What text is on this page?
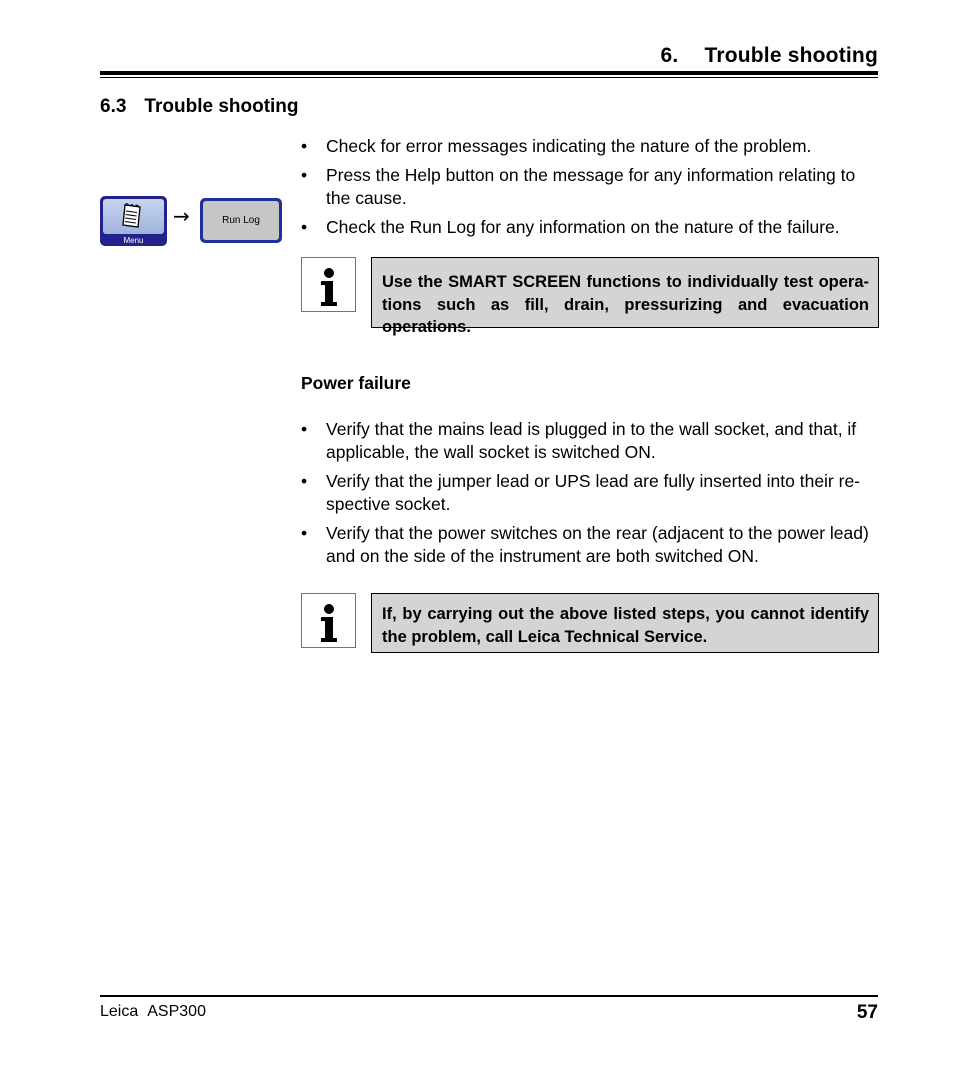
6. Trouble shooting
6.3 Trouble shooting
Menu
→	Run Log
• Check for error messages indicating the nature of the problem.
• Press the Help button on the message for any information relating to the cause.
• Check the Run Log for any information on the nature of the failure.
Use the SMART SCREEN functions to individually test opera-tions such as fill, drain, pressurizing and evacuation operations.
Power failure
• Verify that the mains lead is plugged in to the wall socket, and that, if applicable, the wall socket is switched ON.
• Verify that the jumper lead or UPS lead are fully inserted into their re-spective socket.
• Verify that the power switches on the rear (adjacent to the power lead) and on the side of the instrument are both switched ON.
If, by carrying out the above listed steps, you cannot identify the problem, call Leica Technical Service.
Leica ASP300	57
